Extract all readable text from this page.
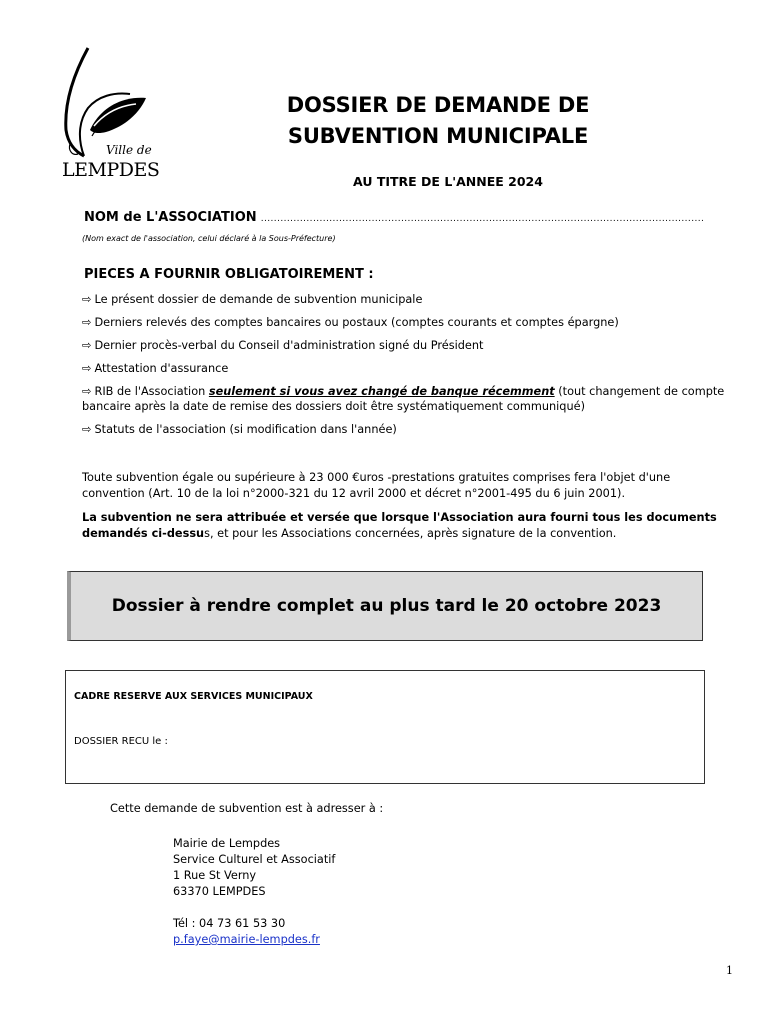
Ville de
LEMPDES
DOSSIER DE DEMANDE DE
SUBVENTION MUNICIPALE
AU TITRE DE L'ANNEE 2024
NOM de L'ASSOCIATION ........................................................................................................................................
(Nom exact de l'association, celui déclaré à la Sous-Préfecture)
PIECES A FOURNIR OBLIGATOIREMENT :
⇨ Le présent dossier de demande de subvention municipale
⇨ Derniers relevés des comptes bancaires ou postaux (comptes courants et comptes épargne)
⇨ Dernier procès-verbal du Conseil d'administration signé du Président
⇨ Attestation d'assurance
⇨ RIB de l'Association seulement si vous avez changé de banque récemment (tout changement de compte bancaire après la date de remise des dossiers doit être systématiquement communiqué)
⇨ Statuts de l'association (si modification dans l'année)
Toute subvention égale ou supérieure à 23 000 €uros -prestations gratuites comprises fera l'objet d'une convention (Art. 10 de la loi n°2000-321 du 12 avril 2000 et décret n°2001-495 du 6 juin 2001).
La subvention ne sera attribuée et versée que lorsque l'Association aura fourni tous les documents demandés ci-dessus, et pour les Associations concernées, après signature de la convention.
Dossier à rendre complet au plus tard le 20 octobre 2023
CADRE RESERVE AUX SERVICES MUNICIPAUX
DOSSIER RECU le :
Cette demande de subvention est à adresser à :
Mairie de Lempdes
Service Culturel et Associatif
1 Rue St Verny
63370 LEMPDES
Tél : 04 73 61 53 30
p.faye@mairie-lempdes.fr
1
